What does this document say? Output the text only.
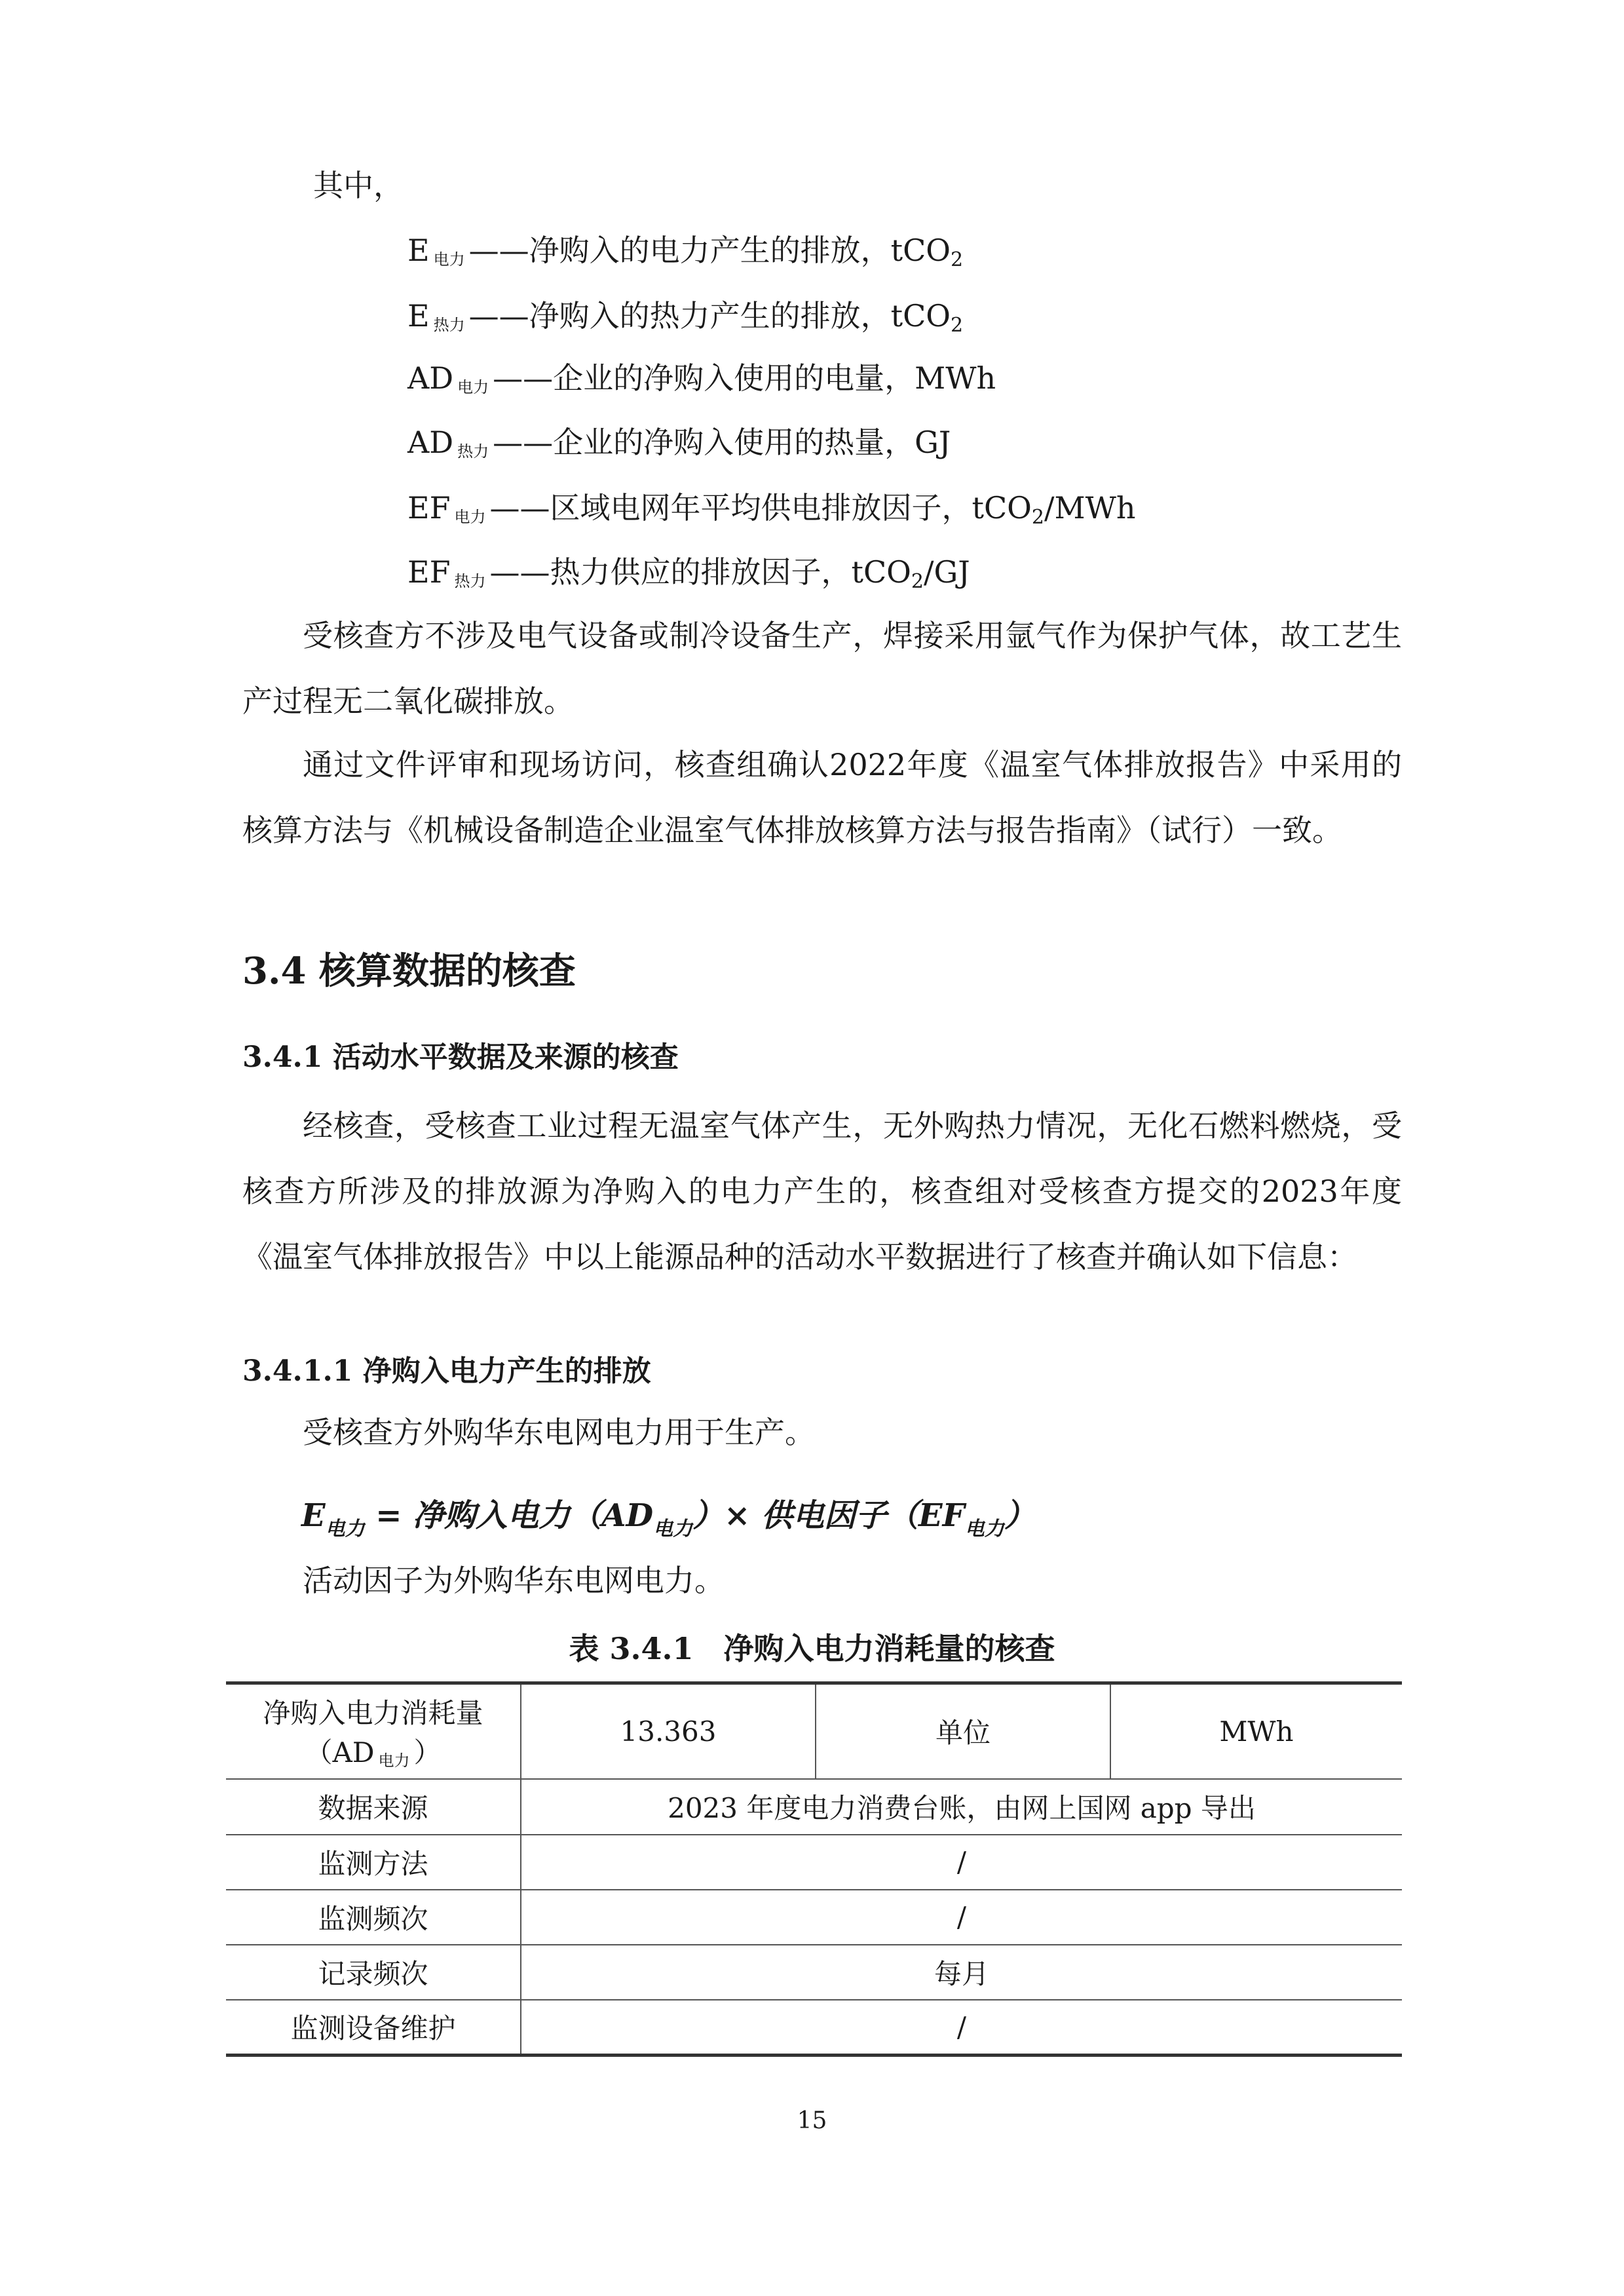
其中，
E $_{电力}$ ——净购入的电力产生的排放，tCO2
E $_{热力}$ ——净购入的热力产生的排放，tCO2
AD $_{电力}$ ——企业的净购入使用的电量，MWh
AD $_{热力}$ ——企业的净购入使用的热量，GJ
EF $_{电力}$ ——区域电网年平均供电排放因子，tCO2/MWh
EF $_{热力}$ ——热力供应的排放因子，tCO2/GJ
受核查方不涉及电气设备或制冷设备生产，焊接采用氩气作为保护气体，故工艺生产过程无二氧化碳排放。
通过文件评审和现场访问，核查组确认2022年度《温室气体排放报告》中采用的核算方法与《机械设备制造企业温室气体排放核算方法与报告指南》（试行）一致。
3.4 核算数据的核查
3.4.1 活动水平数据及来源的核查
经核查，受核查工业过程无温室气体产生，无外购热力情况，无化石燃料燃烧，受核查方所涉及的排放源为净购入的电力产生的，核查组对受核查方提交的2023年度《温室气体排放报告》中以上能源品种的活动水平数据进行了核查并确认如下信息：
3.4.1.1 净购入电力产生的排放
受核查方外购华东电网电力用于生产。
$E_{电力}$ = 净购入电力$(AD_{电力})\times$ 供电因子$(EF_{电力})$
活动因子为外购华东电网电力。
表 3.4.1　净购入电力消耗量的核查
净购入电力消耗量
（AD $_{电力}$ ）	13.363	单位	MWh
数据来源	2023 年度电力消费台账，由网上国网 app 导出		
监测方法	/		
监测频次	/		
记录频次	每月		
监测设备维护	/		
15
